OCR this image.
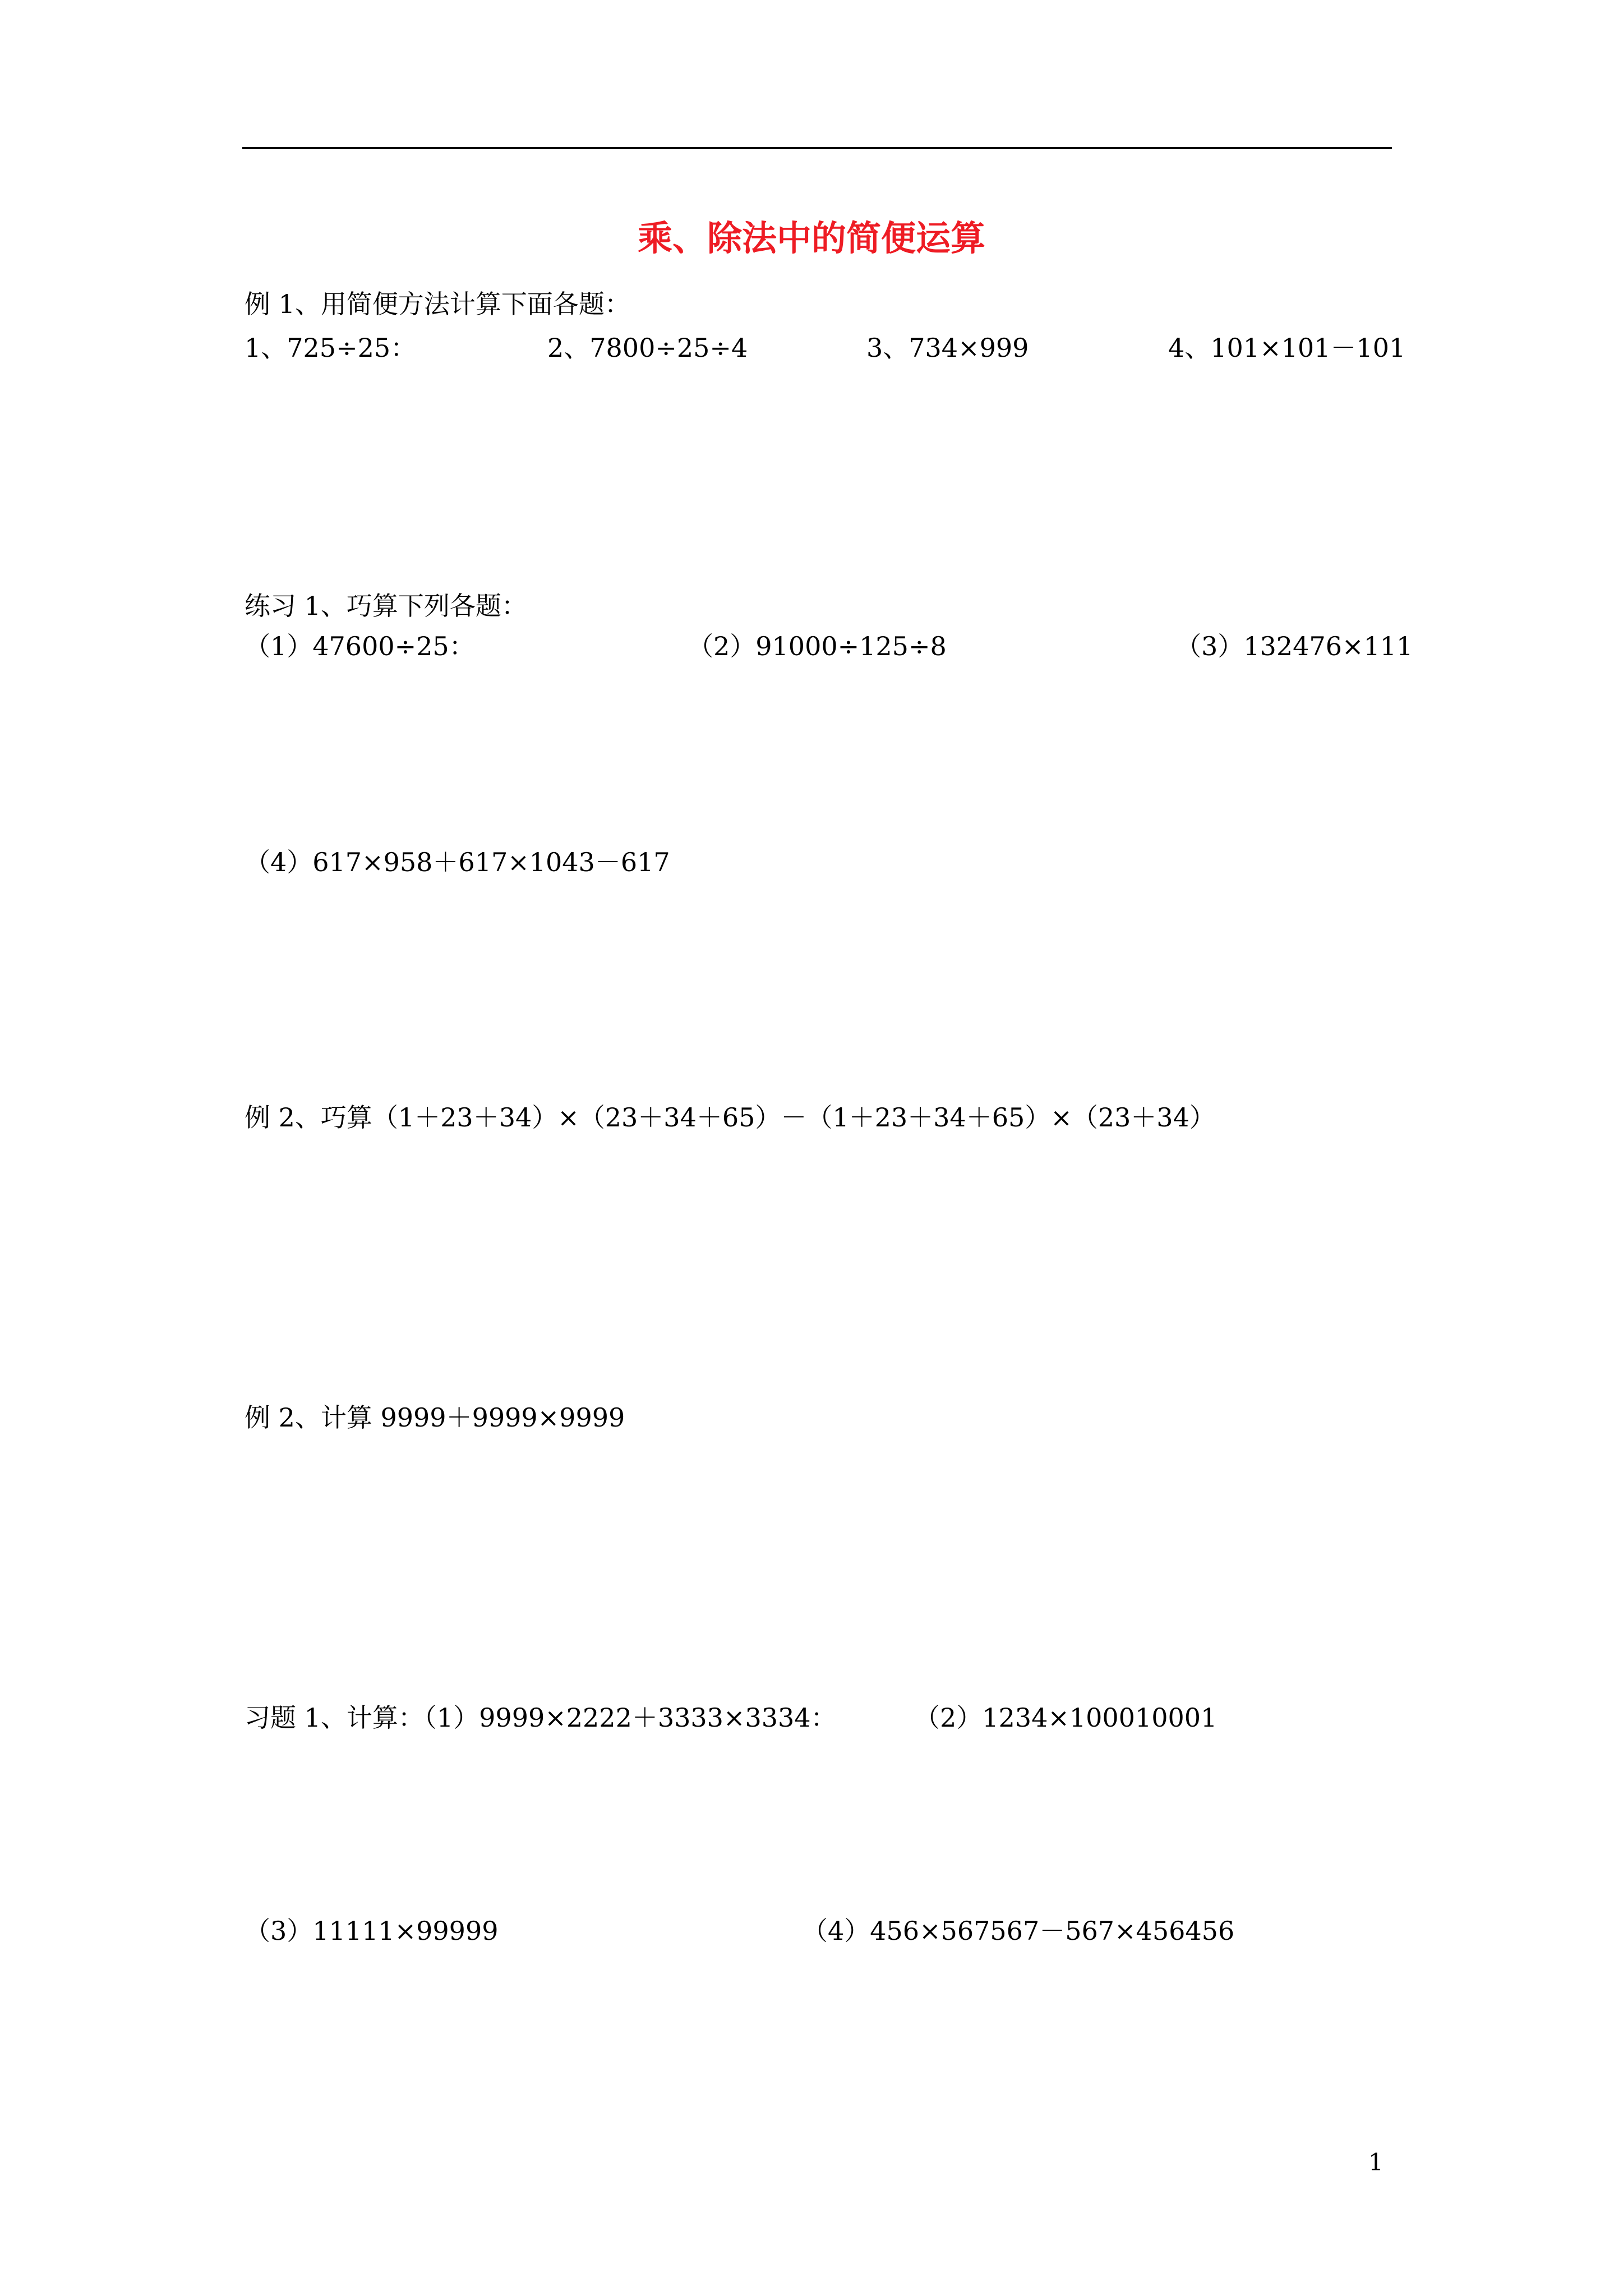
乘、除法中的简便运算
例 1、用简便方法计算下面各题：
1、725÷25：	2、7800÷25÷4	3、734×999	4、101×101－101
练习 1、巧算下列各题：
（1）47600÷25：	（2）91000÷125÷8	（3）132476×111
（4）617×958＋617×1043－617
例 2、巧算（1＋23＋34）×（23＋34＋65）－（1＋23＋34＋65）×（23＋34）
例 2、计算 9999＋9999×9999
习题 1、计算：（1）9999×2222＋3333×3334：	（2）1234×100010001
（3）11111×99999	（4）456×567567－567×456456
1
